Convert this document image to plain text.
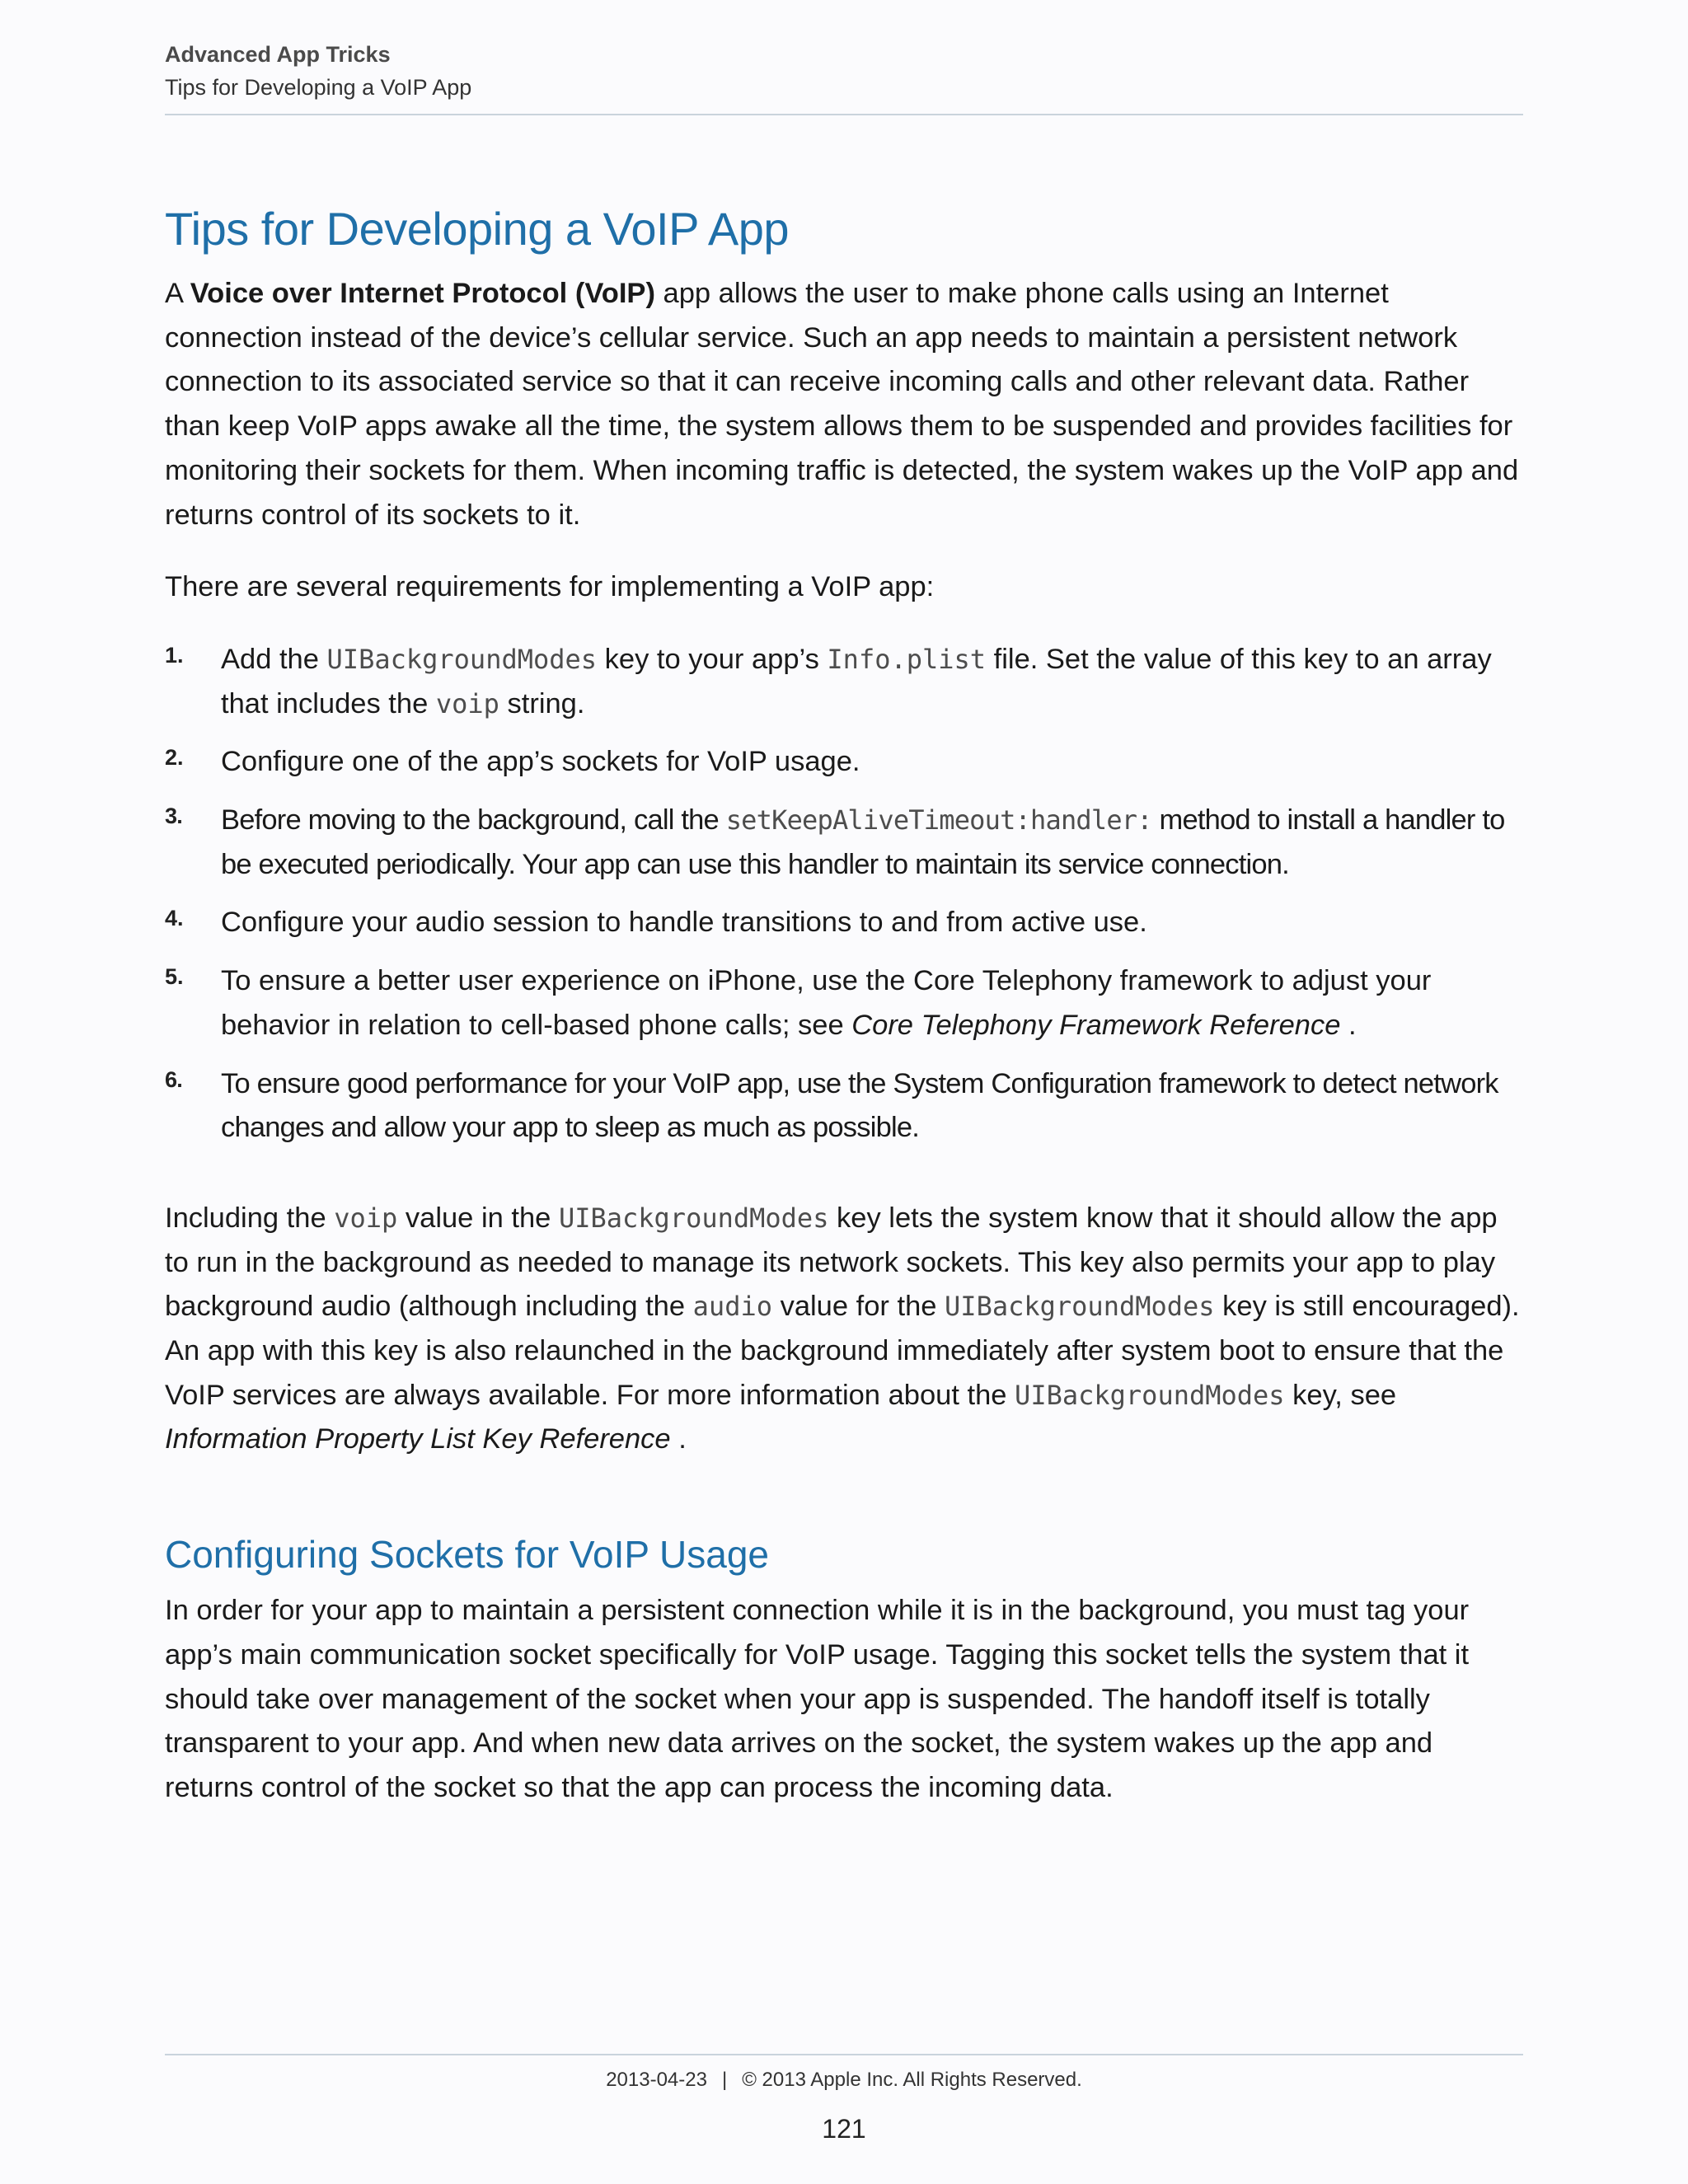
Advanced App Tricks
Tips for Developing a VoIP App
Tips for Developing a VoIP App

A Voice over Internet Protocol (VoIP) app allows the user to make phone calls using an Internet connection instead of the device’s cellular service. Such an app needs to maintain a persistent network connection to its associated service so that it can receive incoming calls and other relevant data. Rather than keep VoIP apps awake all the time, the system allows them to be suspended and provides facilities for monitoring their sockets for them. When incoming traffic is detected, the system wakes up the VoIP app and returns control of its sockets to it.

There are several requirements for implementing a VoIP app:

1. Add the UIBackgroundModes key to your app’s Info.plist file. Set the value of this key to an array that includes the voip string.
2. Configure one of the app’s sockets for VoIP usage.
3. Before moving to the background, call the setKeepAliveTimeout:handler: method to install a handler to be executed periodically. Your app can use this handler to maintain its service connection.
4. Configure your audio session to handle transitions to and from active use.
5. To ensure a better user experience on iPhone, use the Core Telephony framework to adjust your behavior in relation to cell-based phone calls; see Core Telephony Framework Reference .
6. To ensure good performance for your VoIP app, use the System Configuration framework to detect network changes and allow your app to sleep as much as possible.

Including the voip value in the UIBackgroundModes key lets the system know that it should allow the app to run in the background as needed to manage its network sockets. This key also permits your app to play background audio (although including the audio value for the UIBackgroundModes key is still encouraged). An app with this key is also relaunched in the background immediately after system boot to ensure that the VoIP services are always available. For more information about the UIBackgroundModes key, see Information Property List Key Reference .

Configuring Sockets for VoIP Usage

In order for your app to maintain a persistent connection while it is in the background, you must tag your app’s main communication socket specifically for VoIP usage. Tagging this socket tells the system that it should take over management of the socket when your app is suspended. The handoff itself is totally transparent to your app. And when new data arrives on the socket, the system wakes up the app and returns control of the socket so that the app can process the incoming data.

2013-04-23 | © 2013 Apple Inc. All Rights Reserved.
121
